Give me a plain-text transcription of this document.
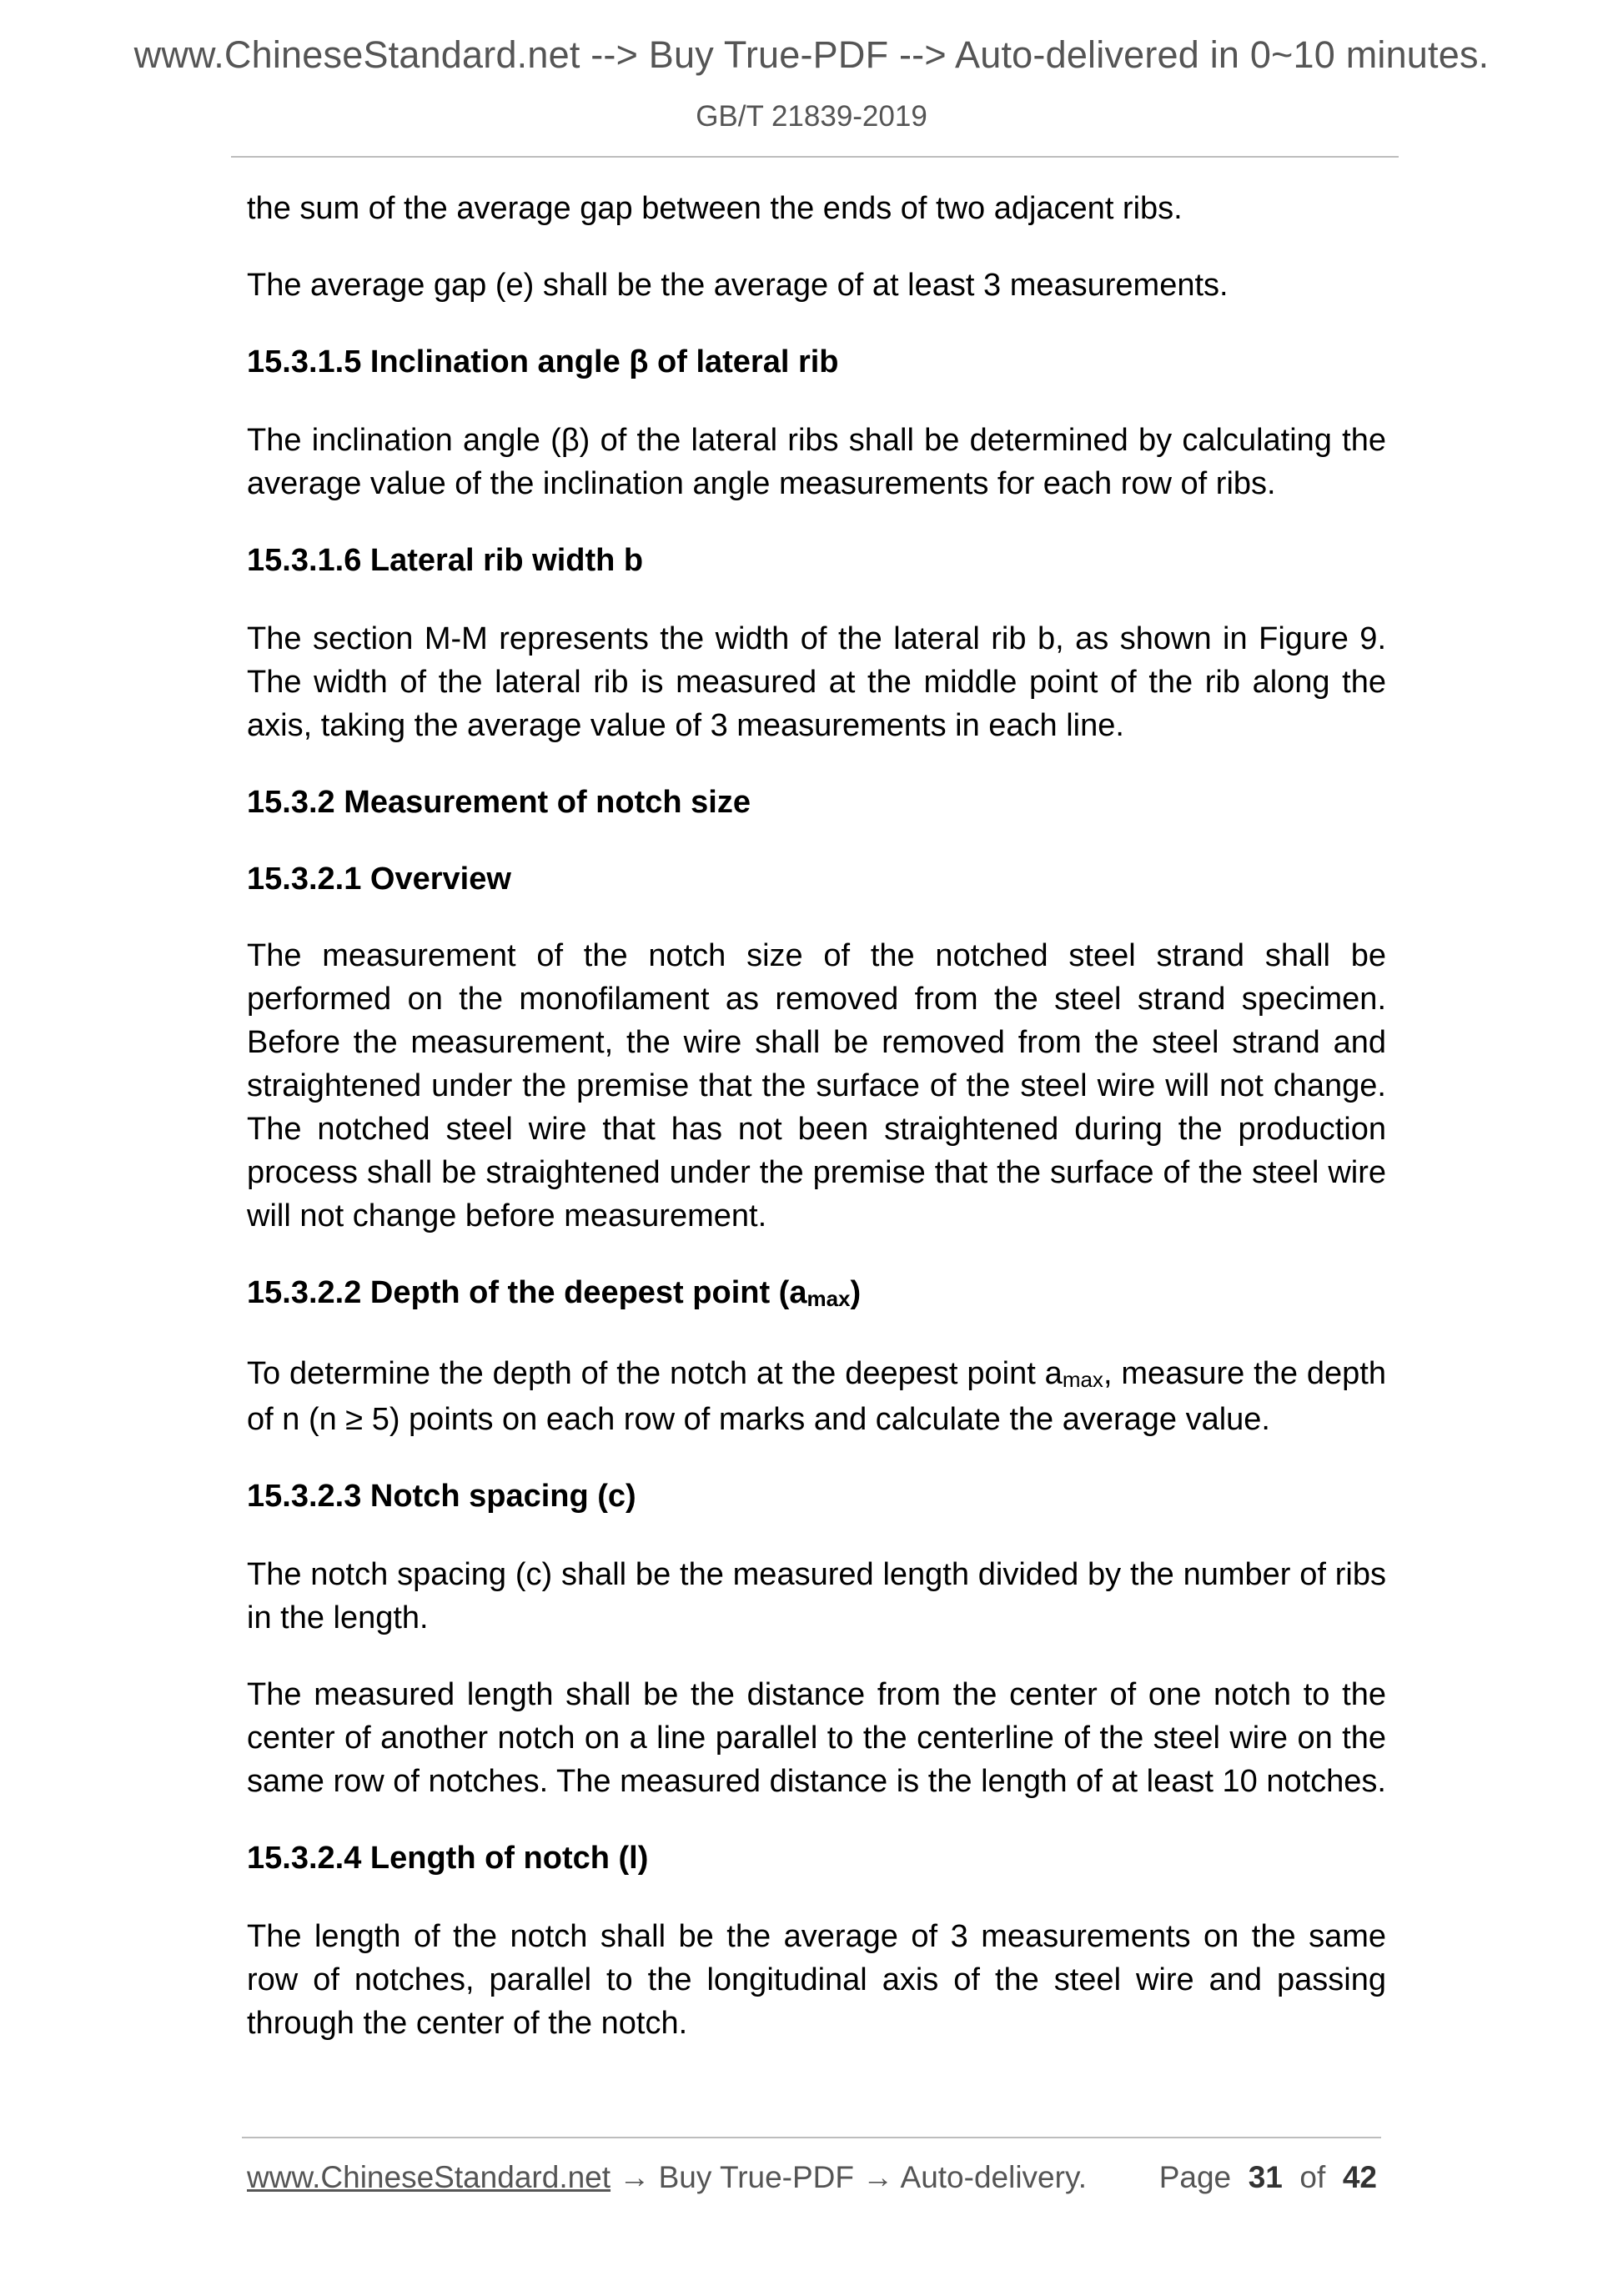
www.ChineseStandard.net --> Buy True-PDF --> Auto-delivered in 0~10 minutes.
GB/T 21839-2019

the sum of the average gap between the ends of two adjacent ribs.

The average gap (e) shall be the average of at least 3 measurements.

15.3.1.5 Inclination angle β of lateral rib

The inclination angle (β) of the lateral ribs shall be determined by calculating the average value of the inclination angle measurements for each row of ribs.

15.3.1.6 Lateral rib width b

The section M-M represents the width of the lateral rib b, as shown in Figure 9. The width of the lateral rib is measured at the middle point of the rib along the axis, taking the average value of 3 measurements in each line.

15.3.2 Measurement of notch size
15.3.2.1 Overview

The measurement of the notch size of the notched steel strand shall be performed on the monofilament as removed from the steel strand specimen. Before the measurement, the wire shall be removed from the steel strand and straightened under the premise that the surface of the steel wire will not change. The notched steel wire that has not been straightened during the production process shall be straightened under the premise that the surface of the steel wire will not change before measurement.

15.3.2.2 Depth of the deepest point $(a_{max})$

To determine the depth of the notch at the deepest point $a_{max}$, measure the depth of n (n ≥ 5) points on each row of marks and calculate the average value.

15.3.2.3 Notch spacing (c)

The notch spacing (c) shall be the measured length divided by the number of ribs in the length.

The measured length shall be the distance from the center of one notch to the center of another notch on a line parallel to the centerline of the steel wire on the same row of notches. The measured distance is the length of at least 10 notches.

15.3.2.4 Length of notch (l)

The length of the notch shall be the average of 3 measurements on the same row of notches, parallel to the longitudinal axis of the steel wire and passing through the center of the notch.

www.ChineseStandard.net → Buy True-PDF → Auto-delivery. Page 31 of 42
